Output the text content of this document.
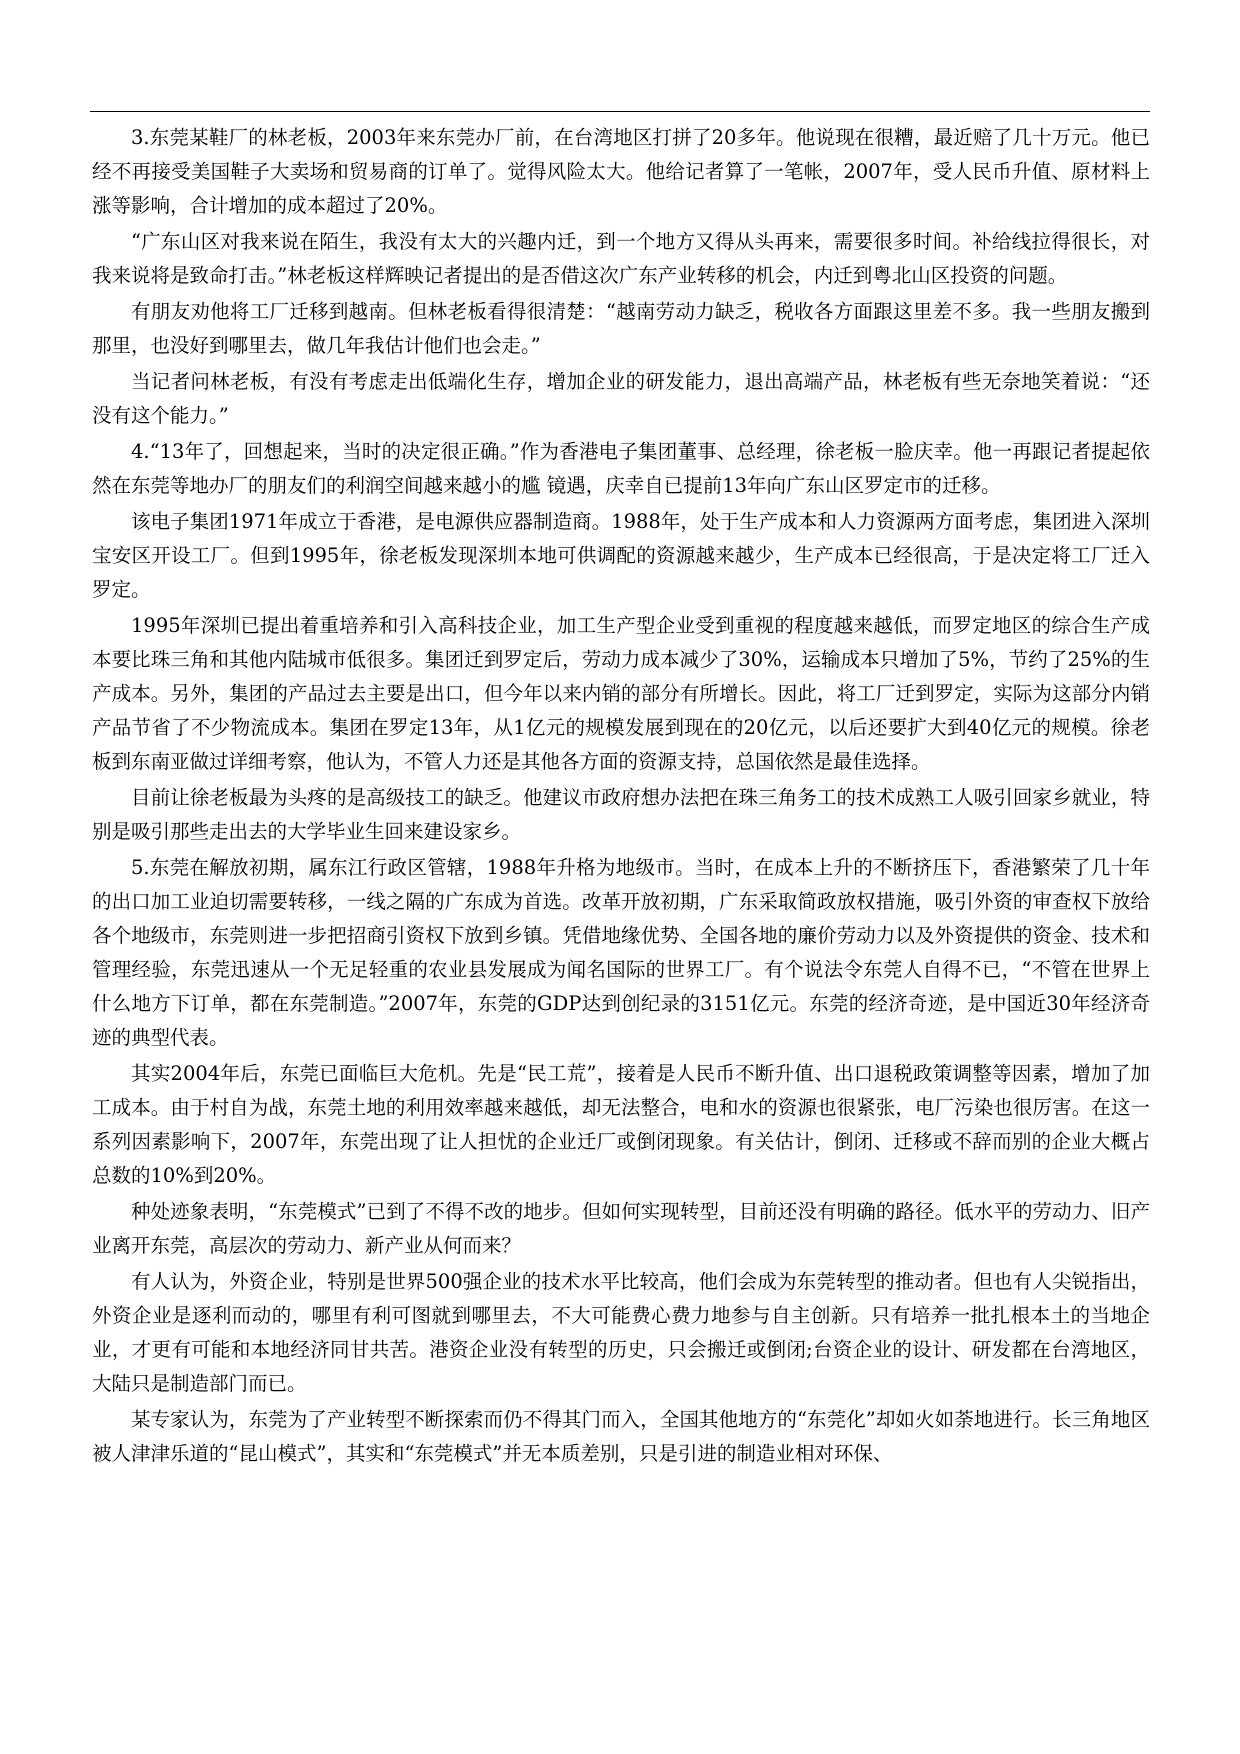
3.东莞某鞋厂的林老板，2003年来东莞办厂前，在台湾地区打拼了20多年。他说现在很糟，最近赔了几十万元。他已经不再接受美国鞋子大卖场和贸易商的订单了。觉得风险太大。他给记者算了一笔帐，2007年，受人民币升值、原材料上涨等影响，合计增加的成本超过了20%。

“广东山区对我来说在陌生，我没有太大的兴趣内迁，到一个地方又得从头再来，需要很多时间。补给线拉得很长，对我来说将是致命打击。”林老板这样辉映记者提出的是否借这次广东产业转移的机会，内迁到粤北山区投资的问题。

有朋友劝他将工厂迁移到越南。但林老板看得很清楚：“越南劳动力缺乏，税收各方面跟这里差不多。我一些朋友搬到那里，也没好到哪里去，做几年我估计他们也会走。”

当记者问林老板，有没有考虑走出低端化生存，增加企业的研发能力，退出高端产品，林老板有些无奈地笑着说：“还没有这个能力。”

4.“13年了，回想起来，当时的决定很正确。”作为香港电子集团董事、总经理，徐老板一脸庆幸。他一再跟记者提起依然在东莞等地办厂的朋友们的利润空间越来越小的尴 镜遇，庆幸自已提前13年向广东山区罗定市的迁移。

该电子集团1971年成立于香港，是电源供应器制造商。1988年，处于生产成本和人力资源两方面考虑，集团进入深圳宝安区开设工厂。但到1995年，徐老板发现深圳本地可供调配的资源越来越少，生产成本已经很高，于是决定将工厂迁入罗定。

1995年深圳已提出着重培养和引入高科技企业，加工生产型企业受到重视的程度越来越低，而罗定地区的综合生产成本要比珠三角和其他内陆城市低很多。集团迁到罗定后，劳动力成本减少了30%，运输成本只增加了5%，节约了25%的生产成本。另外，集团的产品过去主要是出口，但今年以来内销的部分有所增长。因此，将工厂迁到罗定，实际为这部分内销产品节省了不少物流成本。集团在罗定13年，从1亿元的规模发展到现在的20亿元，以后还要扩大到40亿元的规模。徐老板到东南亚做过详细考察，他认为，不管人力还是其他各方面的资源支持，总国依然是最佳选择。

目前让徐老板最为头疼的是高级技工的缺乏。他建议市政府想办法把在珠三角务工的技术成熟工人吸引回家乡就业，特别是吸引那些走出去的大学毕业生回来建设家乡。

5.东莞在解放初期，属东江行政区管辖，1988年升格为地级市。当时，在成本上升的不断挤压下，香港繁荣了几十年的出口加工业迫切需要转移，一线之隔的广东成为首选。改革开放初期，广东采取简政放权措施，吸引外资的审查权下放给各个地级市，东莞则进一步把招商引资权下放到乡镇。凭借地缘优势、全国各地的廉价劳动力以及外资提供的资金、技术和管理经验，东莞迅速从一个无足轻重的农业县发展成为闻名国际的世界工厂。有个说法令东莞人自得不已，“不管在世界上什么地方下订单，都在东莞制造。”2007年，东莞的GDP达到创纪录的3151亿元。东莞的经济奇迹，是中国近30年经济奇迹的典型代表。

其实2004年后，东莞已面临巨大危机。先是“民工荒”，接着是人民币不断升值、出口退税政策调整等因素，增加了加工成本。由于村自为战，东莞土地的利用效率越来越低，却无法整合，电和水的资源也很紧张，电厂污染也很厉害。在这一系列因素影响下，2007年，东莞出现了让人担忧的企业迁厂或倒闭现象。有关估计，倒闭、迁移或不辞而别的企业大概占总数的10%到20%。

种处迹象表明，“东莞模式”已到了不得不改的地步。但如何实现转型，目前还没有明确的路径。低水平的劳动力、旧产业离开东莞，高层次的劳动力、新产业从何而来？

有人认为，外资企业，特别是世界500强企业的技术水平比较高，他们会成为东莞转型的推动者。但也有人尖锐指出，外资企业是逐利而动的，哪里有利可图就到哪里去，不大可能费心费力地参与自主创新。只有培养一批扎根本土的当地企业，才更有可能和本地经济同甘共苦。港资企业没有转型的历史，只会搬迁或倒闭;台资企业的设计、研发都在台湾地区，大陆只是制造部门而已。

某专家认为，东莞为了产业转型不断探索而仍不得其门而入，全国其他地方的“东莞化”却如火如荼地进行。长三角地区被人津津乐道的“昆山模式”，其实和“东莞模式”并无本质差别，只是引进的制造业相对环保、
